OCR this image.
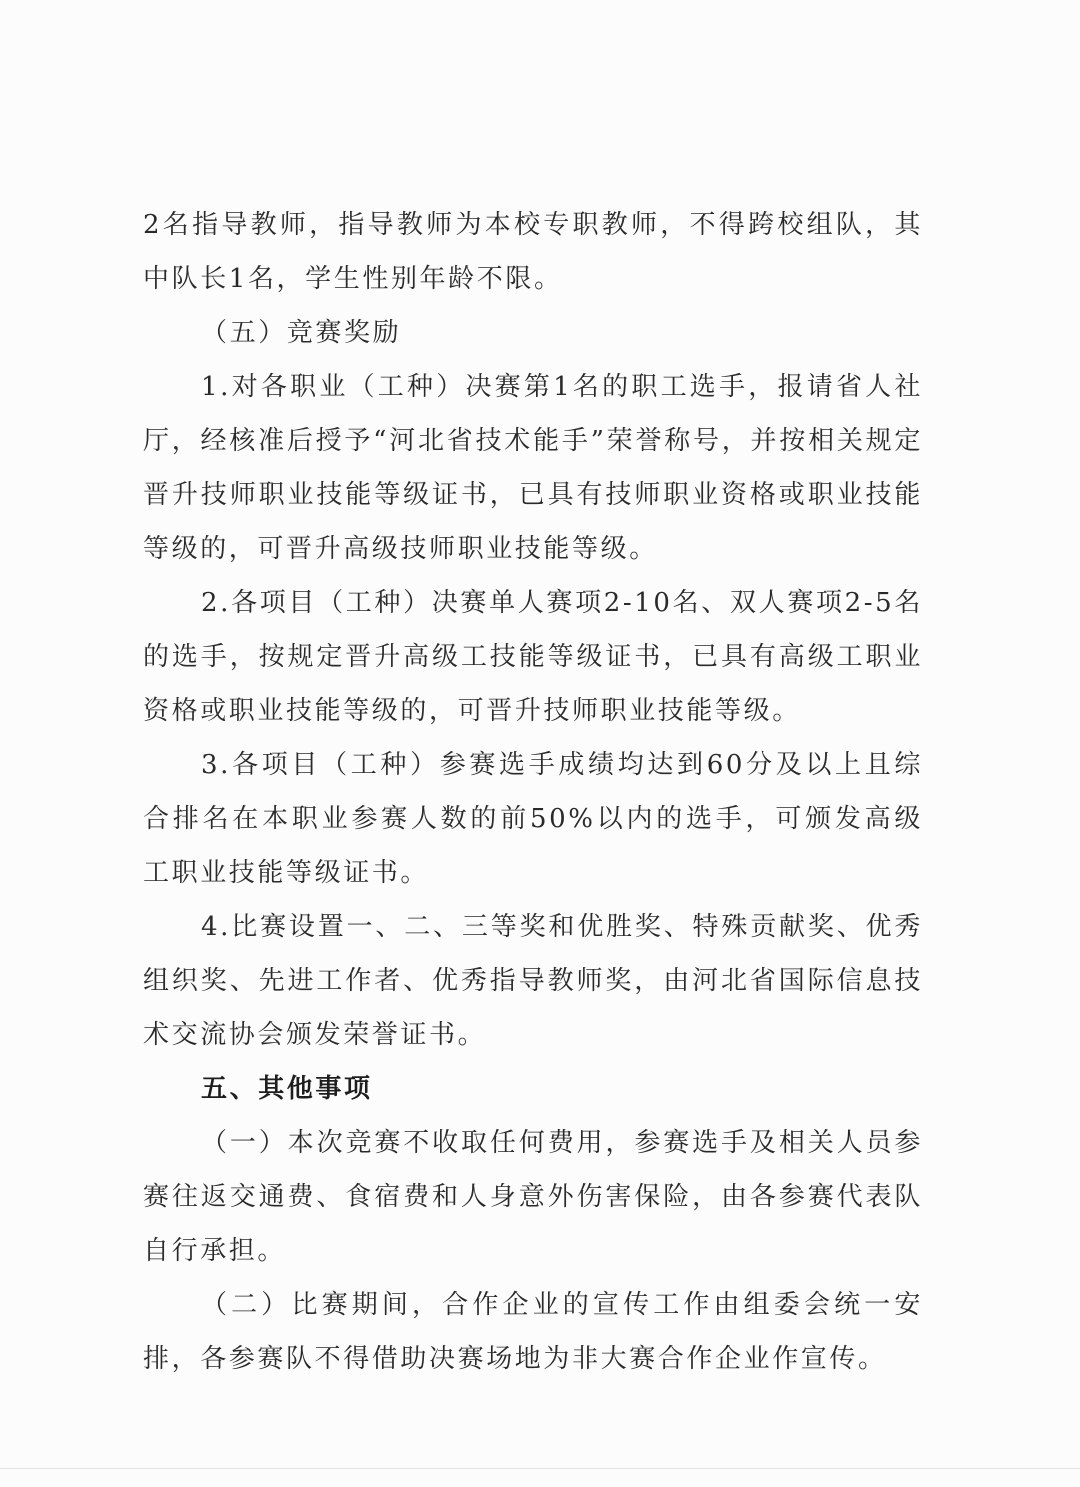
2名指导教师，指导教师为本校专职教师，不得跨校组队，其中队长1名，学生性别年龄不限。

（五）竞赛奖励

1.对各职业（工种）决赛第1名的职工选手，报请省人社厅，经核准后授予“河北省技术能手”荣誉称号，并按相关规定晋升技师职业技能等级证书，已具有技师职业资格或职业技能等级的，可晋升高级技师职业技能等级。

2.各项目（工种）决赛单人赛项2-10名、双人赛项2-5名的选手，按规定晋升高级工技能等级证书，已具有高级工职业资格或职业技能等级的，可晋升技师职业技能等级。

3.各项目（工种）参赛选手成绩均达到60分及以上且综合排名在本职业参赛人数的前50%以内的选手，可颁发高级工职业技能等级证书。

4.比赛设置一、二、三等奖和优胜奖、特殊贡献奖、优秀组织奖、先进工作者、优秀指导教师奖，由河北省国际信息技术交流协会颁发荣誉证书。

五、其他事项

（一）本次竞赛不收取任何费用，参赛选手及相关人员参赛往返交通费、食宿费和人身意外伤害保险，由各参赛代表队自行承担。

（二）比赛期间，合作企业的宣传工作由组委会统一安排，各参赛队不得借助决赛场地为非大赛合作企业作宣传。
